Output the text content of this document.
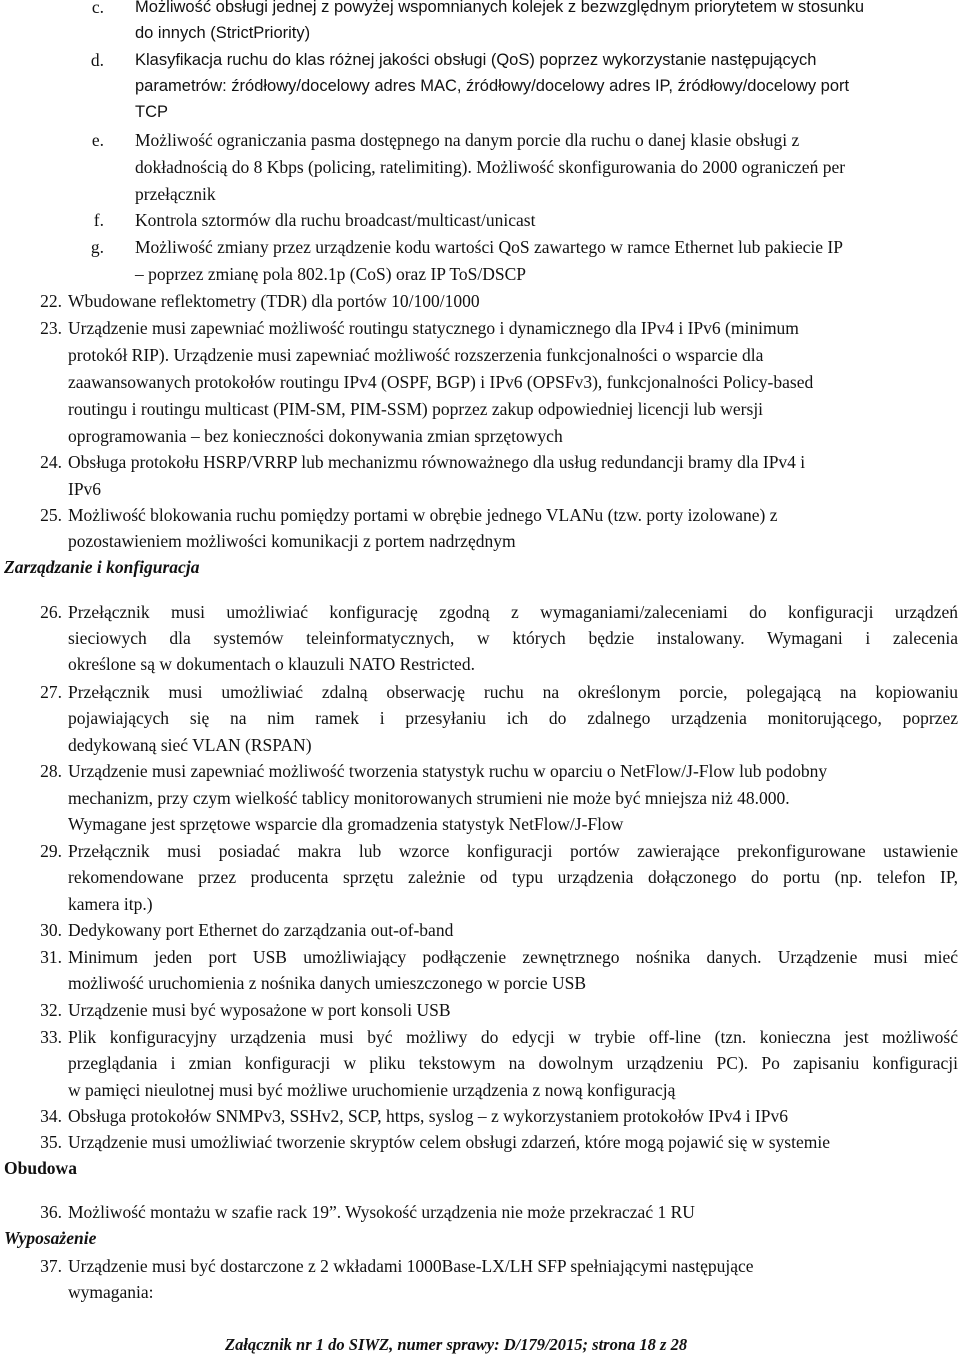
c. Możliwość obsługi jednej z powyżej wspomnianych kolejek z bezwzględnym priorytetem w stosunku
do innych (StrictPriority)
d. Klasyfikacja ruchu do klas różnej jakości obsługi (QoS) poprzez wykorzystanie następujących
parametrów: źródłowy/docelowy adres MAC, źródłowy/docelowy adres IP, źródłowy/docelowy port
TCP
e. Możliwość ograniczania pasma dostępnego na danym porcie dla ruchu o danej klasie obsługi z
dokładnością do 8 Kbps (policing, ratelimiting). Możliwość skonfigurowania do 2000 ograniczeń per
przełącznik
f. Kontrola sztormów dla ruchu broadcast/multicast/unicast
g. Możliwość zmiany przez urządzenie kodu wartości QoS zawartego w ramce Ethernet lub pakiecie IP
– poprzez zmianę pola 802.1p (CoS) oraz IP ToS/DSCP
22. Wbudowane reflektometry (TDR) dla portów 10/100/1000
23. Urządzenie musi zapewniać możliwość routingu statycznego i dynamicznego dla IPv4 i IPv6 (minimum
protokół RIP). Urządzenie musi zapewniać możliwość rozszerzenia funkcjonalności o wsparcie dla
zaawansowanych protokołów routingu IPv4 (OSPF, BGP) i IPv6 (OPSFv3), funkcjonalności Policy-based
routingu i routingu multicast (PIM-SM, PIM-SSM) poprzez zakup odpowiedniej licencji lub wersji
oprogramowania – bez konieczności dokonywania zmian sprzętowych
24. Obsługa protokołu HSRP/VRRP lub mechanizmu równoważnego dla usług redundancji bramy dla IPv4 i
IPv6
25. Możliwość blokowania ruchu pomiędzy portami w obrębie jednego VLANu (tzw. porty izolowane) z
pozostawieniem możliwości komunikacji z portem nadrzędnym
Zarządzanie i konfiguracja
26. Przełącznik musi umożliwiać konfigurację zgodną z wymaganiami/zaleceniami do konfiguracji urządzeń
sieciowych dla systemów teleinformatycznych, w których będzie instalowany. Wymagani i zalecenia
określone są w dokumentach o klauzuli NATO Restricted.
27. Przełącznik musi umożliwiać zdalną obserwację ruchu na określonym porcie, polegającą na kopiowaniu
pojawiających się na nim ramek i przesyłaniu ich do zdalnego urządzenia monitorującego, poprzez
dedykowaną sieć VLAN (RSPAN)
28. Urządzenie musi zapewniać możliwość tworzenia statystyk ruchu w oparciu o NetFlow/J-Flow lub podobny
mechanizm, przy czym wielkość tablicy monitorowanych strumieni nie może być mniejsza niż 48.000.
Wymagane jest sprzętowe wsparcie dla gromadzenia statystyk NetFlow/J-Flow
29. Przełącznik musi posiadać makra lub wzorce konfiguracji portów zawierające prekonfigurowane ustawienie
rekomendowane przez producenta sprzętu zależnie od typu urządzenia dołączonego do portu (np. telefon IP,
kamera itp.)
30. Dedykowany port Ethernet do zarządzania out-of-band
31. Minimum jeden port USB umożliwiający podłączenie zewnętrznego nośnika danych. Urządzenie musi mieć
możliwość uruchomienia z nośnika danych umieszczonego w porcie USB
32. Urządzenie musi być wyposażone w port konsoli USB
33. Plik konfiguracyjny urządzenia musi być możliwy do edycji w trybie off-line (tzn. konieczna jest możliwość
przeglądania i zmian konfiguracji w pliku tekstowym na dowolnym urządzeniu PC). Po zapisaniu konfiguracji
w pamięci nieulotnej musi być możliwe uruchomienie urządzenia z nową konfiguracją
34. Obsługa protokołów SNMPv3, SSHv2, SCP, https, syslog – z wykorzystaniem protokołów IPv4 i IPv6
35. Urządzenie musi umożliwiać tworzenie skryptów celem obsługi zdarzeń, które mogą pojawić się w systemie
Obudowa
36. Możliwość montażu w szafie rack 19”. Wysokość urządzenia nie może przekraczać 1 RU
Wyposażenie
37. Urządzenie musi być dostarczone z 2 wkładami 1000Base-LX/LH SFP spełniającymi następujące
wymagania:
Załącznik nr 1 do SIWZ, numer sprawy: D/179/2015; strona 18 z 28
